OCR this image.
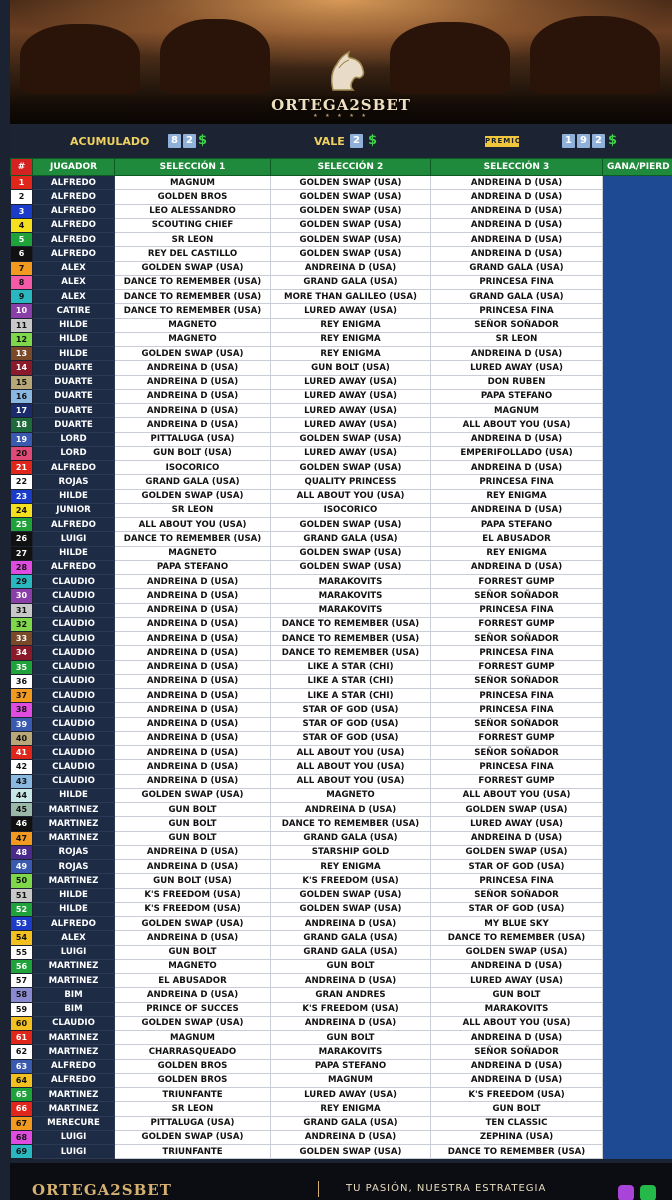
ORTEGA2SBET
★ ★ ★ ★ ★
ACUMULADO	8 2 $	VALE 2 $	PREMIO	1 9 2 $
#	JUGADOR	SELECCIÓN 1	SELECCIÓN 2	SELECCIÓN 3	GANA/PIERD
1	ALFREDO	MAGNUM	GOLDEN SWAP (USA)	ANDREINA D (USA)	
2	ALFREDO	GOLDEN BROS	GOLDEN SWAP (USA)	ANDREINA D (USA)	
3	ALFREDO	LEO ALESSANDRO	GOLDEN SWAP (USA)	ANDREINA D (USA)	
4	ALFREDO	SCOUTING CHIEF	GOLDEN SWAP (USA)	ANDREINA D (USA)	
5	ALFREDO	SR LEON	GOLDEN SWAP (USA)	ANDREINA D (USA)	
6	ALFREDO	REY DEL CASTILLO	GOLDEN SWAP (USA)	ANDREINA D (USA)	
7	ALEX	GOLDEN SWAP (USA)	ANDREINA D (USA)	GRAND GALA (USA)	
8	ALEX	DANCE TO REMEMBER (USA)	GRAND GALA (USA)	PRINCESA FINA	
9	ALEX	DANCE TO REMEMBER (USA)	MORE THAN GALILEO (USA)	GRAND GALA (USA)	
10	CATIRE	DANCE TO REMEMBER (USA)	LURED AWAY (USA)	PRINCESA FINA	
11	HILDE	MAGNETO	REY ENIGMA	SEÑOR SOÑADOR	
12	HILDE	MAGNETO	REY ENIGMA	SR LEON	
13	HILDE	GOLDEN SWAP (USA)	REY ENIGMA	ANDREINA D (USA)	
14	DUARTE	ANDREINA D (USA)	GUN BOLT (USA)	LURED AWAY (USA)	
15	DUARTE	ANDREINA D (USA)	LURED AWAY (USA)	DON RUBEN	
16	DUARTE	ANDREINA D (USA)	LURED AWAY (USA)	PAPA STEFANO	
17	DUARTE	ANDREINA D (USA)	LURED AWAY (USA)	MAGNUM	
18	DUARTE	ANDREINA D (USA)	LURED AWAY (USA)	ALL ABOUT YOU (USA)	
19	LORD	PITTALUGA (USA)	GOLDEN SWAP (USA)	ANDREINA D (USA)	
20	LORD	GUN BOLT (USA)	LURED AWAY (USA)	EMPERIFOLLADO (USA)	
21	ALFREDO	ISOCORICO	GOLDEN SWAP (USA)	ANDREINA D (USA)	
22	ROJAS	GRAND GALA (USA)	QUALITY PRINCESS	PRINCESA FINA	
23	HILDE	GOLDEN SWAP (USA)	ALL ABOUT YOU (USA)	REY ENIGMA	
24	JUNIOR	SR LEON	ISOCORICO	ANDREINA D (USA)	
25	ALFREDO	ALL ABOUT YOU (USA)	GOLDEN SWAP (USA)	PAPA STEFANO	
26	LUIGI	DANCE TO REMEMBER (USA)	GRAND GALA (USA)	EL ABUSADOR	
27	HILDE	MAGNETO	GOLDEN SWAP (USA)	REY ENIGMA	
28	ALFREDO	PAPA STEFANO	GOLDEN SWAP (USA)	ANDREINA D (USA)	
29	CLAUDIO	ANDREINA D (USA)	MARAKOVITS	FORREST GUMP	
30	CLAUDIO	ANDREINA D (USA)	MARAKOVITS	SEÑOR SOÑADOR	
31	CLAUDIO	ANDREINA D (USA)	MARAKOVITS	PRINCESA FINA	
32	CLAUDIO	ANDREINA D (USA)	DANCE TO REMEMBER (USA)	FORREST GUMP	
33	CLAUDIO	ANDREINA D (USA)	DANCE TO REMEMBER (USA)	SEÑOR SOÑADOR	
34	CLAUDIO	ANDREINA D (USA)	DANCE TO REMEMBER (USA)	PRINCESA FINA	
35	CLAUDIO	ANDREINA D (USA)	LIKE A STAR (CHI)	FORREST GUMP	
36	CLAUDIO	ANDREINA D (USA)	LIKE A STAR (CHI)	SEÑOR SOÑADOR	
37	CLAUDIO	ANDREINA D (USA)	LIKE A STAR (CHI)	PRINCESA FINA	
38	CLAUDIO	ANDREINA D (USA)	STAR OF GOD (USA)	PRINCESA FINA	
39	CLAUDIO	ANDREINA D (USA)	STAR OF GOD (USA)	SEÑOR SOÑADOR	
40	CLAUDIO	ANDREINA D (USA)	STAR OF GOD (USA)	FORREST GUMP	
41	CLAUDIO	ANDREINA D (USA)	ALL ABOUT YOU (USA)	SEÑOR SOÑADOR	
42	CLAUDIO	ANDREINA D (USA)	ALL ABOUT YOU (USA)	PRINCESA FINA	
43	CLAUDIO	ANDREINA D (USA)	ALL ABOUT YOU (USA)	FORREST GUMP	
44	HILDE	GOLDEN SWAP (USA)	MAGNETO	ALL ABOUT YOU (USA)	
45	MARTINEZ	GUN BOLT	ANDREINA D (USA)	GOLDEN SWAP (USA)	
46	MARTINEZ	GUN BOLT	DANCE TO REMEMBER (USA)	LURED AWAY (USA)	
47	MARTINEZ	GUN BOLT	GRAND GALA (USA)	ANDREINA D (USA)	
48	ROJAS	ANDREINA D (USA)	STARSHIP GOLD	GOLDEN SWAP (USA)	
49	ROJAS	ANDREINA D (USA)	REY ENIGMA	STAR OF GOD (USA)	
50	MARTINEZ	GUN BOLT (USA)	K'S FREEDOM (USA)	PRINCESA FINA	
51	HILDE	K'S FREEDOM (USA)	GOLDEN SWAP (USA)	SEÑOR SOÑADOR	
52	HILDE	K'S FREEDOM (USA)	GOLDEN SWAP (USA)	STAR OF GOD (USA)	
53	ALFREDO	GOLDEN SWAP (USA)	ANDREINA D (USA)	MY BLUE SKY	
54	ALEX	ANDREINA D (USA)	GRAND GALA (USA)	DANCE TO REMEMBER (USA)	
55	LUIGI	GUN BOLT	GRAND GALA (USA)	GOLDEN SWAP (USA)	
56	MARTINEZ	MAGNETO	GUN BOLT	ANDREINA D (USA)	
57	MARTINEZ	EL ABUSADOR	ANDREINA D (USA)	LURED AWAY (USA)	
58	BIM	ANDREINA D (USA)	GRAN ANDRES	GUN BOLT	
59	BIM	PRINCE OF SUCCES	K'S FREEDOM (USA)	MARAKOVITS	
60	CLAUDIO	GOLDEN SWAP (USA)	ANDREINA D (USA)	ALL ABOUT YOU (USA)	
61	MARTINEZ	MAGNUM	GUN BOLT	ANDREINA D (USA)	
62	MARTINEZ	CHARRASQUEADO	MARAKOVITS	SEÑOR SOÑADOR	
63	ALFREDO	GOLDEN BROS	PAPA STEFANO	ANDREINA D (USA)	
64	ALFREDO	GOLDEN BROS	MAGNUM	ANDREINA D (USA)	
65	MARTINEZ	TRIUNFANTE	LURED AWAY (USA)	K'S FREEDOM (USA)	
66	MARTINEZ	SR LEON	REY ENIGMA	GUN BOLT	
67	MERECURE	PITTALUGA (USA)	GRAND GALA (USA)	TEN CLASSIC	
68	LUIGI	GOLDEN SWAP (USA)	ANDREINA D (USA)	ZEPHINA (USA)	
69	LUIGI	TRIUNFANTE	GOLDEN SWAP (USA)	DANCE TO REMEMBER (USA)	
ORTEGA2SBET	TU PASIÓN, NUESTRA ESTRATEGIA
